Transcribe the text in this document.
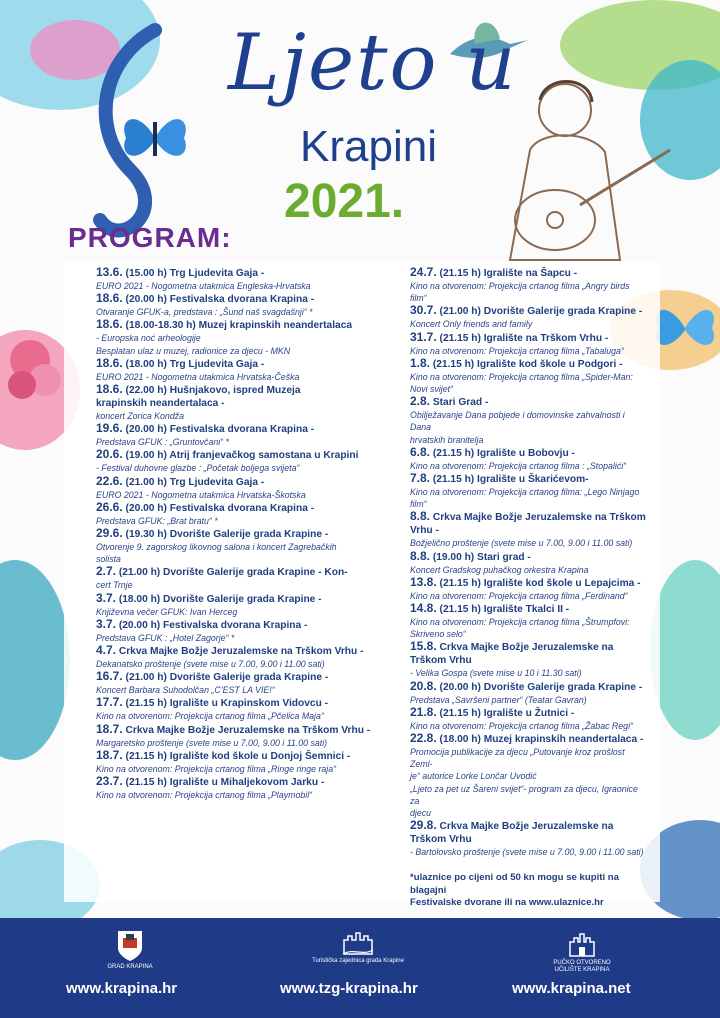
Ljeto u
Krapini
2021.
PROGRAM:
13.6. (15.00 h) Trg Ljudevita Gaja -
EURO 2021 - Nogometna utakmica Engleska-Hrvatska
18.6. (20.00 h) Festivalska dvorana Krapina -
Otvaranje GFUK-a, predstava : „Šund naš svagdašnji“ *
18.6. (18.00-18.30 h) Muzej krapinskih neandertalaca
- Europska noć arheologije
Besplatan ulaz u muzej, radionice za djecu - MKN
18.6. (18.00 h) Trg Ljudevita Gaja -
EURO 2021 - Nogometna utakmica Hrvatska-Češka
18.6. (22.00 h) Hušnjakovo, ispred Muzeja
krapinskih neandertalaca -
koncert Zorica Kondža
19.6. (20.00 h) Festivalska dvorana Krapina -
Predstava GFUK : „Gruntovčani“ *
20.6. (19.00 h) Atrij franjevačkog samostana u Krapini
- Festival duhovne glazbe : „Početak boljega svijeta“
22.6. (21.00 h) Trg Ljudevita Gaja -
EURO 2021 - Nogometna utakmica Hrvatska-Škotska
26.6. (20.00 h) Festivalska dvorana Krapina -
Predstava GFUK: „Brat bratu“ *
29.6. (19.30 h) Dvorište Galerije grada Krapine -
Otvorenje 9. zagorskog likovnog salona i koncert Zagrebačkih
solista
2.7. (21.00 h) Dvorište Galerije grada Krapine - Kon-
cert Trnje
3.7. (18.00 h) Dvorište Galerije grada Krapine -
Književna večer GFUK: Ivan Herceg
3.7. (20.00 h) Festivalska dvorana Krapina -
Predstava GFUK : „Hotel Zagorje“ *
4.7. Crkva Majke Božje Jeruzalemske na Trškom Vrhu -
Dekanatsko proštenje (svete mise u 7.00, 9.00 i 11.00 sati)
16.7. (21.00 h) Dvorište Galerije grada Krapine -
Koncert Barbara Suhodolčan „C’EST LA VIE!“
17.7. (21.15 h) Igralište u Krapinskom Vidovcu -
Kino na otvorenom: Projekcija crtanog filma „Pčelica Maja“
18.7. Crkva Majke Božje Jeruzalemske na Trškom Vrhu -
Margaretsko proštenje (svete mise u 7.00, 9.00 i 11.00 sati)
18.7. (21.15 h) Igralište kod škole u Donjoj Šemnici -
Kino na otvorenom: Projekcija crtanog filma „Ringe ringe raja“
23.7. (21.15 h) Igralište u Mihaljekovom Jarku -
Kino na otvorenom: Projekcija crtanog filma „Playmobil“
24.7. (21.15 h) Igralište na Šapcu -
Kino na otvorenom: Projekcija crtanog filma „Angry birds film“
30.7. (21.00 h) Dvorište Galerije grada Krapine -
Koncert Only friends and family
31.7. (21.15 h) Igralište na Trškom Vrhu -
Kino na otvorenom: Projekcija crtanog filma „Tabaluga“
1.8. (21.15 h) Igralište kod škole u Podgori -
Kino na otvorenom: Projekcija crtanog filma „Spider-Man:
Novi svijet“
2.8. Stari Grad -
Obilježavanje Dana pobjede i domovinske zahvalnosti i Dana
hrvatskih branitelja
6.8. (21.15 h) Igralište u Bobovju -
Kino na otvorenom: Projekcija crtanog filma : „Stopalići“
7.8. (21.15 h) Igralište u Škarićevom-
Kino na otvorenom: Projekcija crtanog filma: „Lego Ninjago film“
8.8. Crkva Majke Božje Jeruzalemske na Trškom Vrhu -
Božjelično proštenje (svete mise u 7.00, 9.00 i 11.00 sati)
8.8. (19.00 h) Stari grad -
Koncert Gradskog puhačkog orkestra Krapina
13.8. (21.15 h) Igralište kod škole u Lepajcima -
Kino na otvorenom: Projekcija crtanog filma „Ferdinand“
14.8. (21.15 h) Igralište Tkalci II -
Kino na otvorenom: Projekcija crtanog filma „Štrumpfovi:
Skriveno selo“
15.8. Crkva Majke Božje Jeruzalemske na Trškom Vrhu
- Velika Gospa (svete mise u 10 i 11.30 sati)
20.8. (20.00 h) Dvorište Galerije grada Krapine -
Predstava „Savršeni partner“ (Teatar Gavran)
21.8. (21.15 h) Igralište u Žutnici -
Kino na otvorenom: Projekcija crtanog filma „Žabac Regi“
22.8. (18.00 h) Muzej krapinskih neandertalaca -
Promocija publikacije za djecu „Putovanje kroz prošlost Zeml-
je“ autorice Lorke Lončar Uvodić
„Ljeto za pet uz Šareni svijet“- program za djecu, Igraonice za
djecu
29.8. Crkva Majke Božje Jeruzalemske na Trškom Vrhu
- Bartolovsko proštenje (svete mise u 7.00, 9.00 i 11.00 sati)
*ulaznice po cijeni od 50 kn mogu se kupiti na blagajni
Festivalske dvorane ili na www.ulaznice.hr
GRAD KRAPINA
Turistička zajednica grada Krapine	PUČKO OTVORENO
UČILIŠTE KRAPINA
www.krapina.hr	www.tzg-krapina.hr	www.krapina.net
